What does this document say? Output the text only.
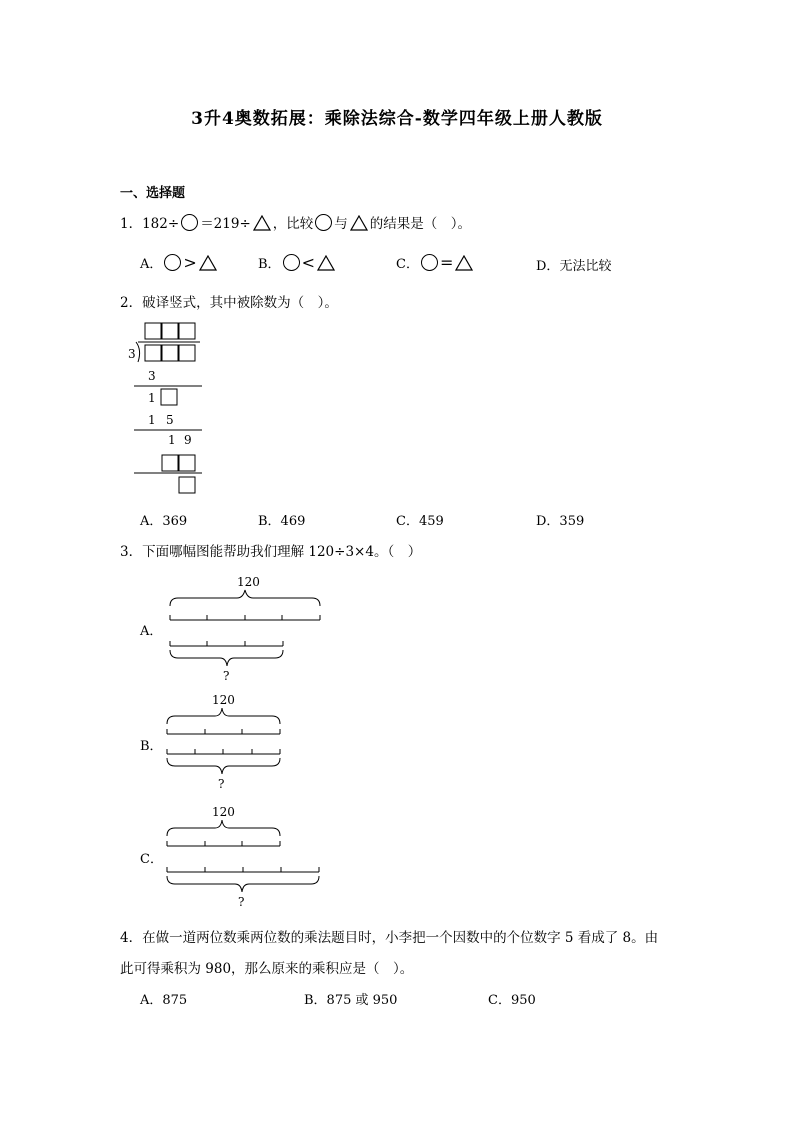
3升4奥数拓展：乘除法综合-数学四年级上册人教版
一、选择题
1．182÷ ＝219÷ ，比较 与 的结果是（　）。
A． >	B． <	C． =	D．无法比较
2．破译竖式，其中被除数为（　）。
3
3
1
1 5
1 9
A．369	B．469	C．459	D．359
3．下面哪幅图能帮助我们理解 120÷3×4。（　）
A．
120
?
B．
120
?
C．
120
?
4．在做一道两位数乘两位数的乘法题目时，小李把一个因数中的个位数字 5 看成了 8。由
此可得乘积为 980，那么原来的乘积应是（　）。
A．875	B．875 或 950	C．950
